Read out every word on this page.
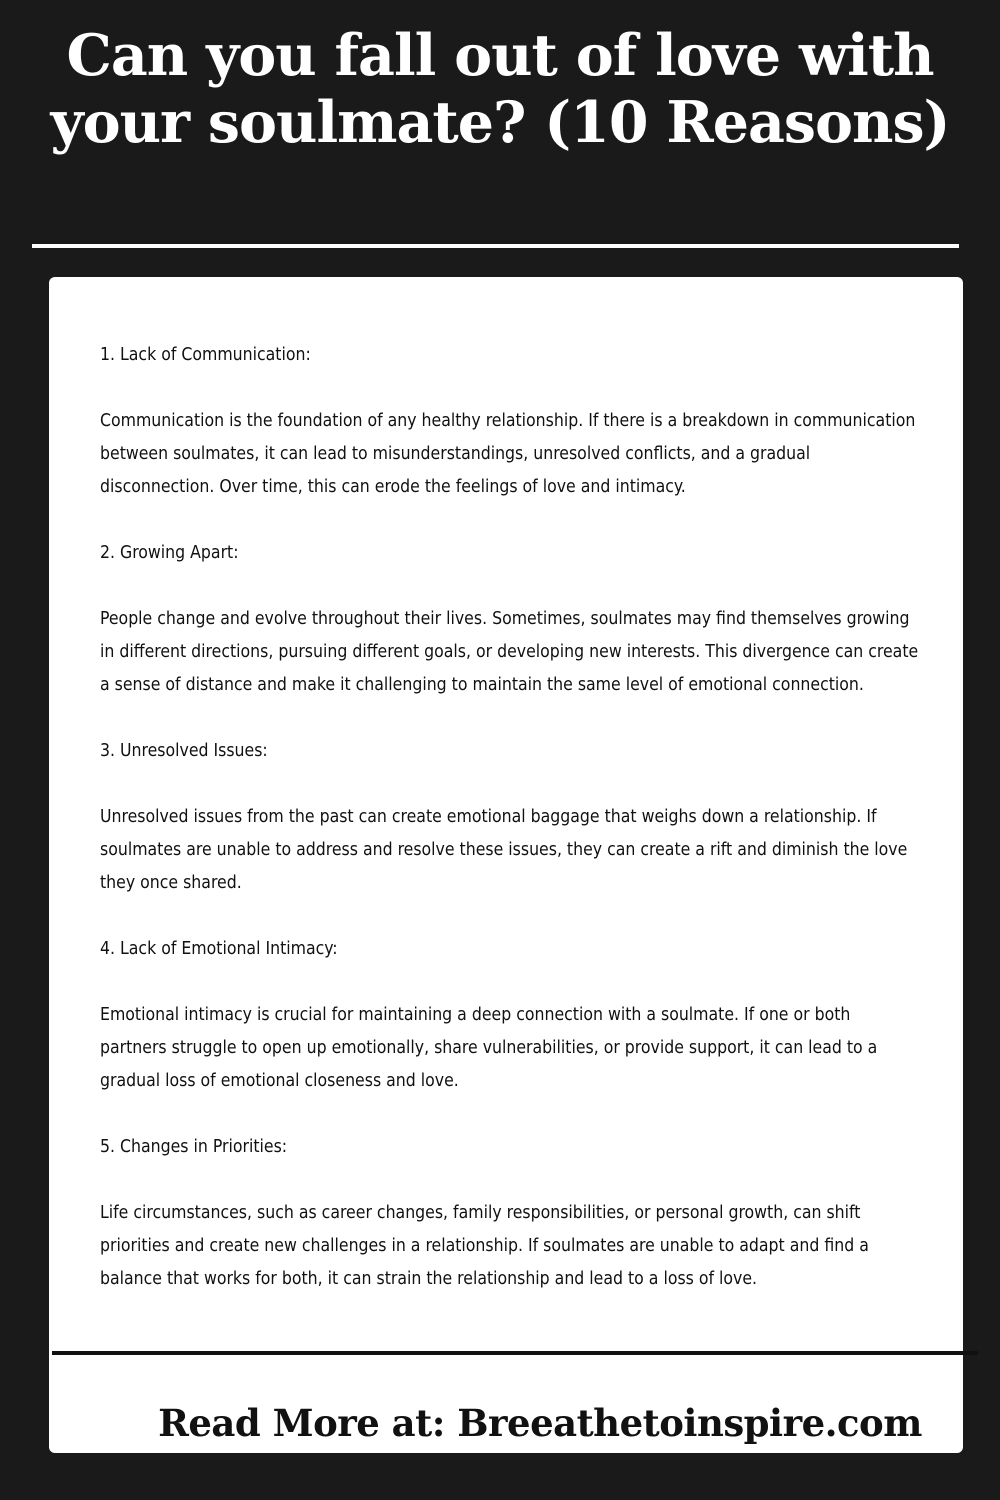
Can you fall out of love with your soulmate? (10 Reasons)

1. Lack of Communication:

Communication is the foundation of any healthy relationship. If there is a breakdown in communication between soulmates, it can lead to misunderstandings, unresolved conflicts, and a gradual disconnection. Over time, this can erode the feelings of love and intimacy.

2. Growing Apart:

People change and evolve throughout their lives. Sometimes, soulmates may find themselves growing in different directions, pursuing different goals, or developing new interests. This divergence can create a sense of distance and make it challenging to maintain the same level of emotional connection.

3. Unresolved Issues:

Unresolved issues from the past can create emotional baggage that weighs down a relationship. If soulmates are unable to address and resolve these issues, they can create a rift and diminish the love they once shared.

4. Lack of Emotional Intimacy:

Emotional intimacy is crucial for maintaining a deep connection with a soulmate. If one or both partners struggle to open up emotionally, share vulnerabilities, or provide support, it can lead to a gradual loss of emotional closeness and love.

5. Changes in Priorities:

Life circumstances, such as career changes, family responsibilities, or personal growth, can shift priorities and create new challenges in a relationship. If soulmates are unable to adapt and find a balance that works for both, it can strain the relationship and lead to a loss of love.

Read More at: Breeathetoinspire.com
